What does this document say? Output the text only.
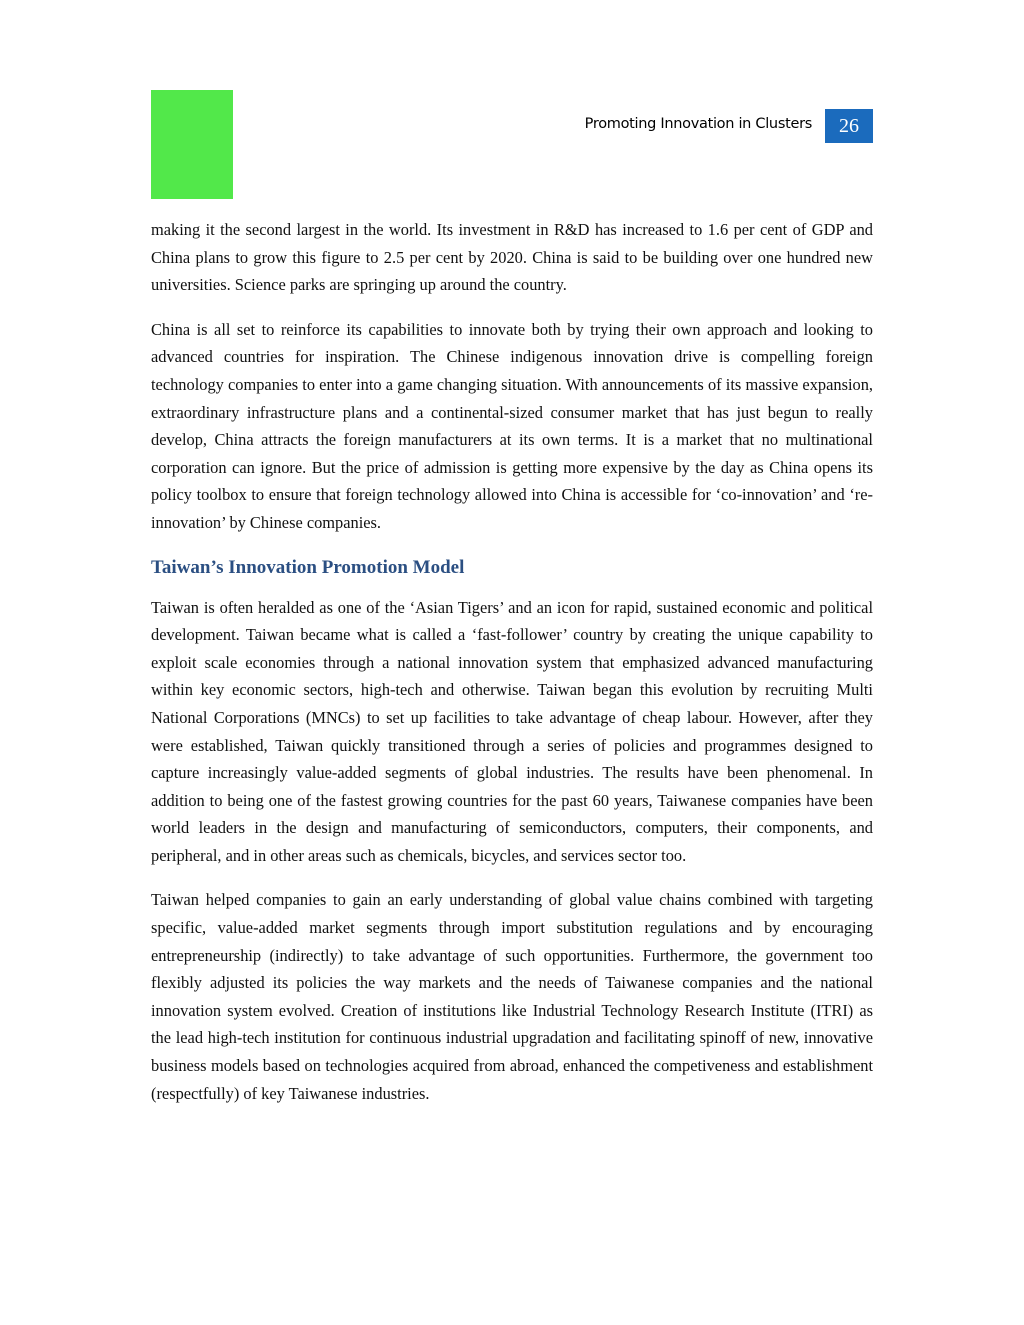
Promoting Innovation in Clusters 26

making it the second largest in the world. Its investment in R&D has increased to 1.6 per cent of GDP and China plans to grow this figure to 2.5 per cent by 2020. China is said to be building over one hundred new universities. Science parks are springing up around the country.

China is all set to reinforce its capabilities to innovate both by trying their own approach and looking to advanced countries for inspiration. The Chinese indigenous innovation drive is compelling foreign technology companies to enter into a game changing situation. With announcements of its massive expansion, extraordinary infrastructure plans and a continental-sized consumer market that has just begun to really develop, China attracts the foreign manufacturers at its own terms. It is a market that no multinational corporation can ignore. But the price of admission is getting more expensive by the day as China opens its policy toolbox to ensure that foreign technology allowed into China is accessible for ‘co-innovation’ and ‘re-innovation’ by Chinese companies.

Taiwan’s Innovation Promotion Model

Taiwan is often heralded as one of the ‘Asian Tigers’ and an icon for rapid, sustained economic and political development. Taiwan became what is called a ‘fast-follower’ country by creating the unique capability to exploit scale economies through a national innovation system that emphasized advanced manufacturing within key economic sectors, high-tech and otherwise. Taiwan began this evolution by recruiting Multi National Corporations (MNCs) to set up facilities to take advantage of cheap labour. However, after they were established, Taiwan quickly transitioned through a series of policies and programmes designed to capture increasingly value-added segments of global industries. The results have been phenomenal. In addition to being one of the fastest growing countries for the past 60 years, Taiwanese companies have been world leaders in the design and manufacturing of semiconductors, computers, their components, and peripheral, and in other areas such as chemicals, bicycles, and services sector too.

Taiwan helped companies to gain an early understanding of global value chains combined with targeting specific, value-added market segments through import substitution regulations and by encouraging entrepreneurship (indirectly) to take advantage of such opportunities. Furthermore, the government too flexibly adjusted its policies the way markets and the needs of Taiwanese companies and the national innovation system evolved. Creation of institutions like Industrial Technology Research Institute (ITRI) as the lead high-tech institution for continuous industrial upgradation and facilitating spinoff of new, innovative business models based on technologies acquired from abroad, enhanced the competiveness and establishment (respectfully) of key Taiwanese industries.
